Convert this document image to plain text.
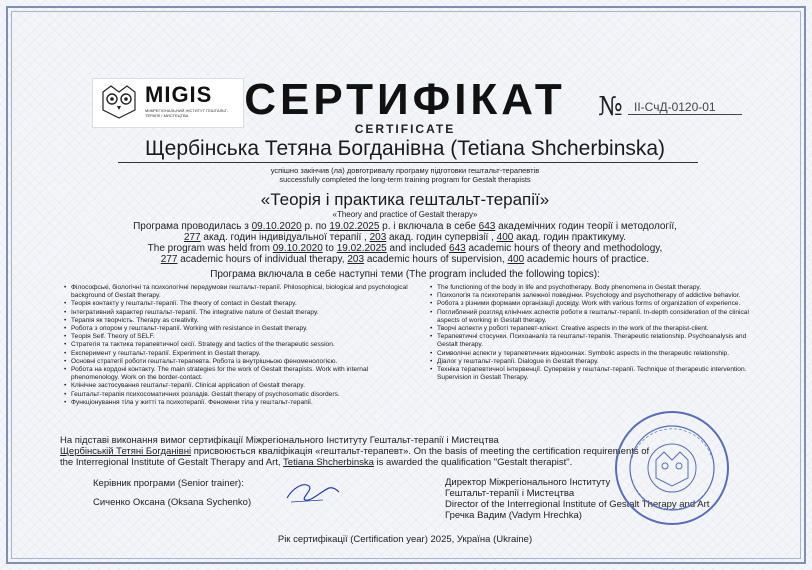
MIGIS
МІЖРЕГІОНАЛЬНИЙ ІНСТИТУТ ГЕШТАЛЬТ-ТЕРАПІЇ І МИСТЕЦТВА	СЕРТИФІКАТ
CERTIFICATE
№ II-СчД-0120-01
Щербінська Тетяна Богданівна (Tetiana Shcherbinska)
успішно закінчив (ла) довготривалу програму підготовки гештальт-терапевтів
successfully completed the long-term training program for Gestalt therapists
«Теорія і практика гештальт-терапії»
«Theory and practice of Gestalt therapy»
Програма проводилась з 09.10.2020 р. по 19.02.2025 р. і включала в себе 643 академічних годин теорії і методології,
277 акад. годин індивідуальної терапії , 203 акад. годин супервізії , 400 акад. годин практикуму.
The program was held from 09.10.2020 to 19.02.2025 and included 643 academic hours of theory and methodology,
277 academic hours of individual therapy, 203 academic hours of supervision, 400 academic hours of practice.
Програма включала в себе наступні теми (The program included the following topics):
• Філософські, біологічні та психологічні передумови гештальт-терапії. Philosophical, biological and psychological background of Gestalt therapy.
• Теорія контакту у гештальт-терапії. The theory of contact in Gestalt therapy.
• Інтегративний характер гештальт-терапії. The integrative nature of Gestalt therapy.
• Терапія як творчість. Therapy as creativity.
• Робота з опором у гештальт-терапії. Working with resistance in Gestalt therapy.
• Теорія Self. Theory of SELF.
• Стратегія та тактика терапевтичної сесії. Strategy and tactics of the therapeutic session.
• Експеримент у гештальт-терапії. Experiment in Gestalt therapy.
• Основні стратегії роботи гештальт-терапевта. Робота із внутрішньою феноменологією.
• Робота на кордоні контакту. The main strategies for the work of Gestalt therapists. Work with internal phenomenology. Work on the border-contact.
• Клінічне застосування гештальт-терапії. Clinical application of Gestalt therapy.
• Гештальт-терапія психосоматичних розладів. Gestalt therapy of psychosomatic disorders.
• Функціонування тіла у житті та психотерапії. Феномени тіла у гештальт-терапії.
• The functioning of the body in life and psychotherapy. Body phenomena in Gestalt therapy.
• Психологія та психотерапія залежної поведінки. Psychology and psychotherapy of addictive behavior.
• Робота з різними формами організації досвіду. Work with various forms of organization of experience.
• Поглиблений розгляд клінічних аспектів роботи в гештальт-терапії. In-depth consideration of the clinical aspects of working in Gestalt therapy.
• Творчі аспекти у роботі терапевт-клієнт. Creative aspects in the work of the therapist-client.
• Терапевтичні стосунки. Психоаналіз та гештальт-терапія. Therapeutic relationship. Psychoanalysis and Gestalt therapy.
• Символічні аспекти у терапевтичних відносинах. Symbolic aspects in the therapeutic relationship.
• Діалог у гештальт-терапії. Dialogue in Gestalt therapy.
• Техніка терапевтичної інтервенції. Супервізія у гештальт-терапії. Technique of therapeutic intervention. Supervision in Gestalt Therapy.
На підставі виконання вимог сертифікації Міжрегіонального Інституту Гештальт-терапії і Мистецтва
Щербінській Тетяні Богданівні присвоюється кваліфікація «гештальт-терапевт». On the basis of meeting the certification requirements of
the Interregional Institute of Gestalt Therapy and Art, Tetiana Shcherbinska is awarded the qualification "Gestalt therapist".
Керівник програми (Senior trainer):
Сиченко Оксана (Oksana Sychenko)
Директор Міжрегіонального Інституту
Гештальт-терапії і Мистецтва
Director of the Interregional Institute of Gestalt Therapy and Art
Гречка Вадим (Vadym Hrechka)
Рік сертифікації (Certification year) 2025, Україна (Ukraine)
